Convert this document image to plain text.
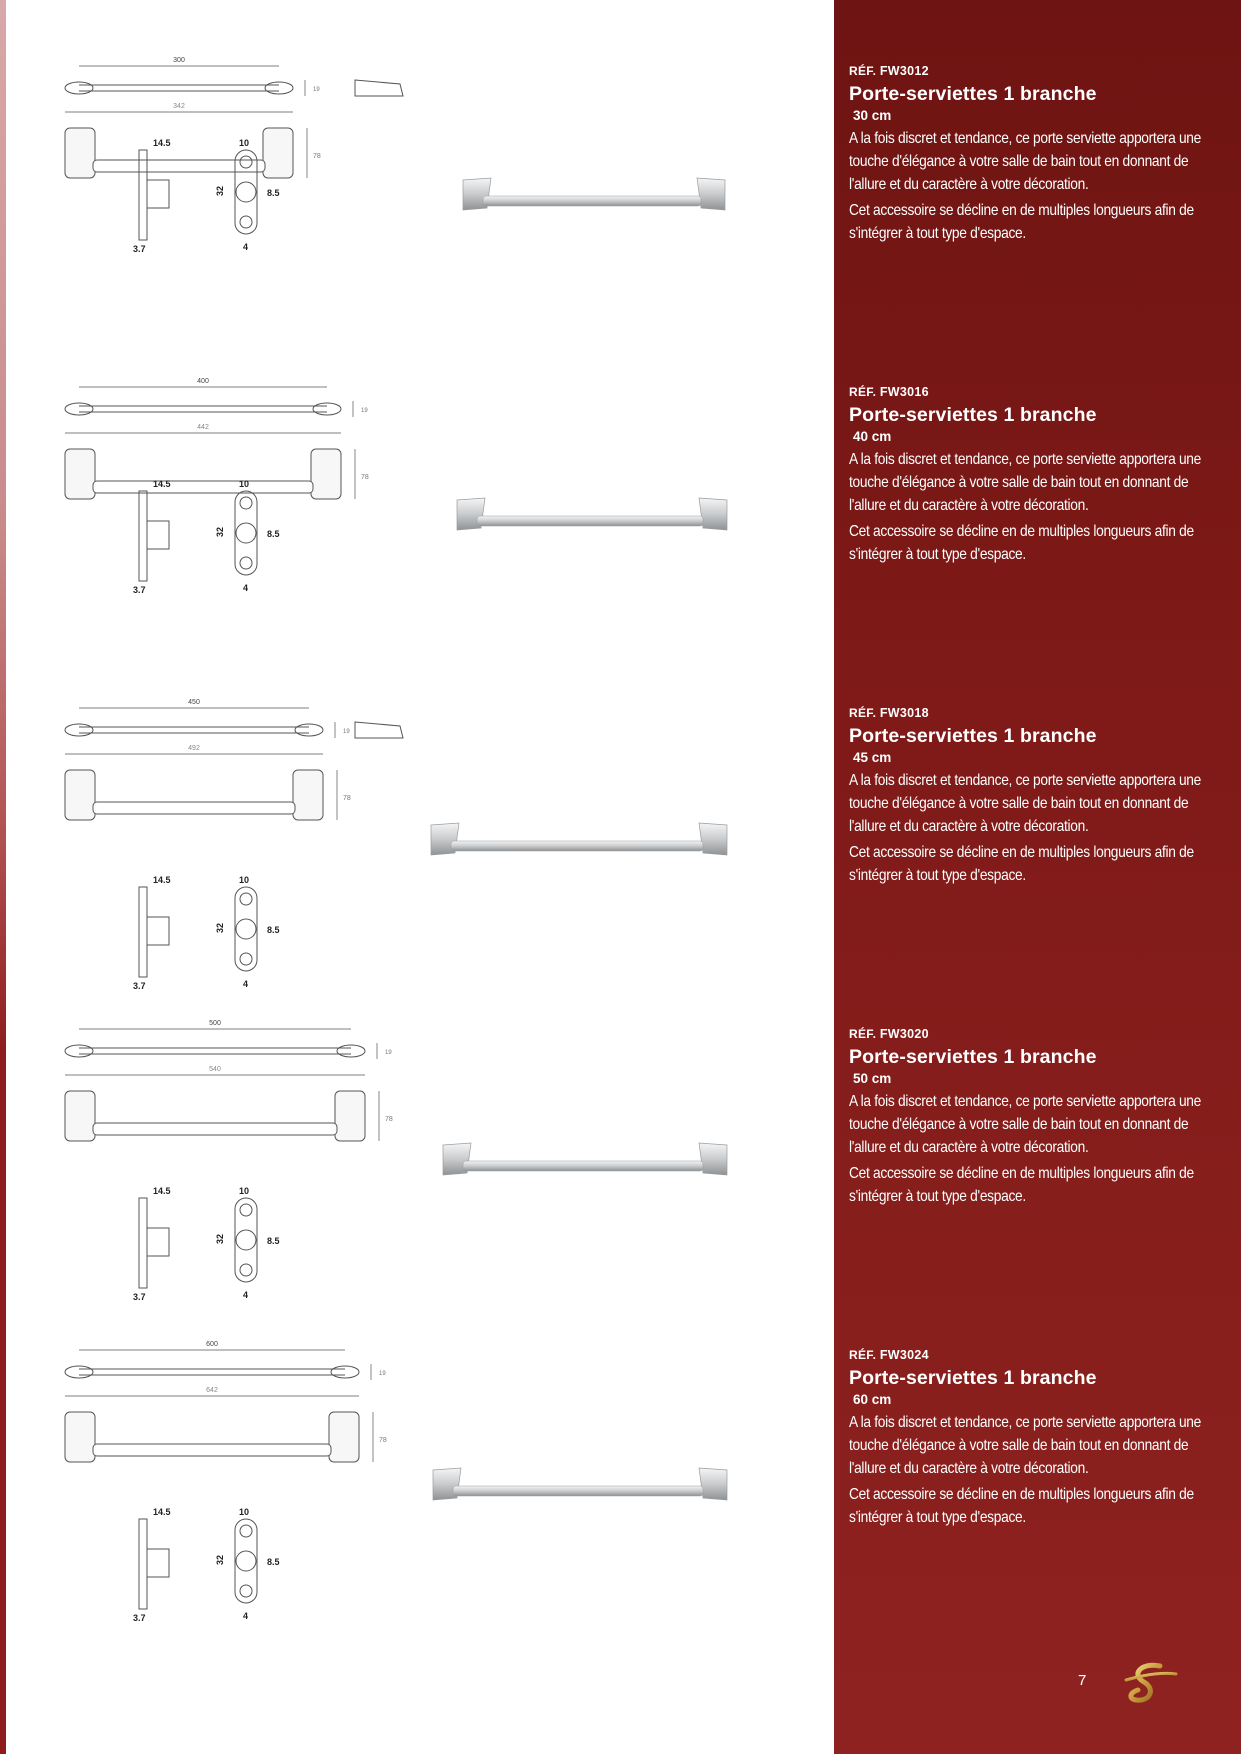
300
19
342
78
14.5
3.7
10
32	8.5
4
RÉF. FW3012
Porte-serviettes 1 branche
30 cm

A la fois discret et tendance, ce porte serviette apportera une touche d'élégance à votre salle de bain tout en donnant de l'allure et du caractère à votre décoration.

Cet accessoire se décline en de multiples longueurs afin de s'intégrer à tout type d'espace.

400
19
442
78
14.5
3.7
10
32	8.5
4
RÉF. FW3016
Porte-serviettes 1 branche
40 cm

A la fois discret et tendance, ce porte serviette apportera une touche d'élégance à votre salle de bain tout en donnant de l'allure et du caractère à votre décoration.

Cet accessoire se décline en de multiples longueurs afin de s'intégrer à tout type d'espace.

450
19
492
78
14.5
3.7
10
32	8.5
4
RÉF. FW3018
Porte-serviettes 1 branche
45 cm

A la fois discret et tendance, ce porte serviette apportera une touche d'élégance à votre salle de bain tout en donnant de l'allure et du caractère à votre décoration.

Cet accessoire se décline en de multiples longueurs afin de s'intégrer à tout type d'espace.

500
19
540
78
14.5
3.7
10
32	8.5
4
RÉF. FW3020
Porte-serviettes 1 branche
50 cm

A la fois discret et tendance, ce porte serviette apportera une touche d'élégance à votre salle de bain tout en donnant de l'allure et du caractère à votre décoration.

Cet accessoire se décline en de multiples longueurs afin de s'intégrer à tout type d'espace.

600
19
642
78
14.5
3.7
10
32	8.5
4
RÉF. FW3024
Porte-serviettes 1 branche
60 cm

A la fois discret et tendance, ce porte serviette apportera une touche d'élégance à votre salle de bain tout en donnant de l'allure et du caractère à votre décoration.

Cet accessoire se décline en de multiples longueurs afin de s'intégrer à tout type d'espace.

7
